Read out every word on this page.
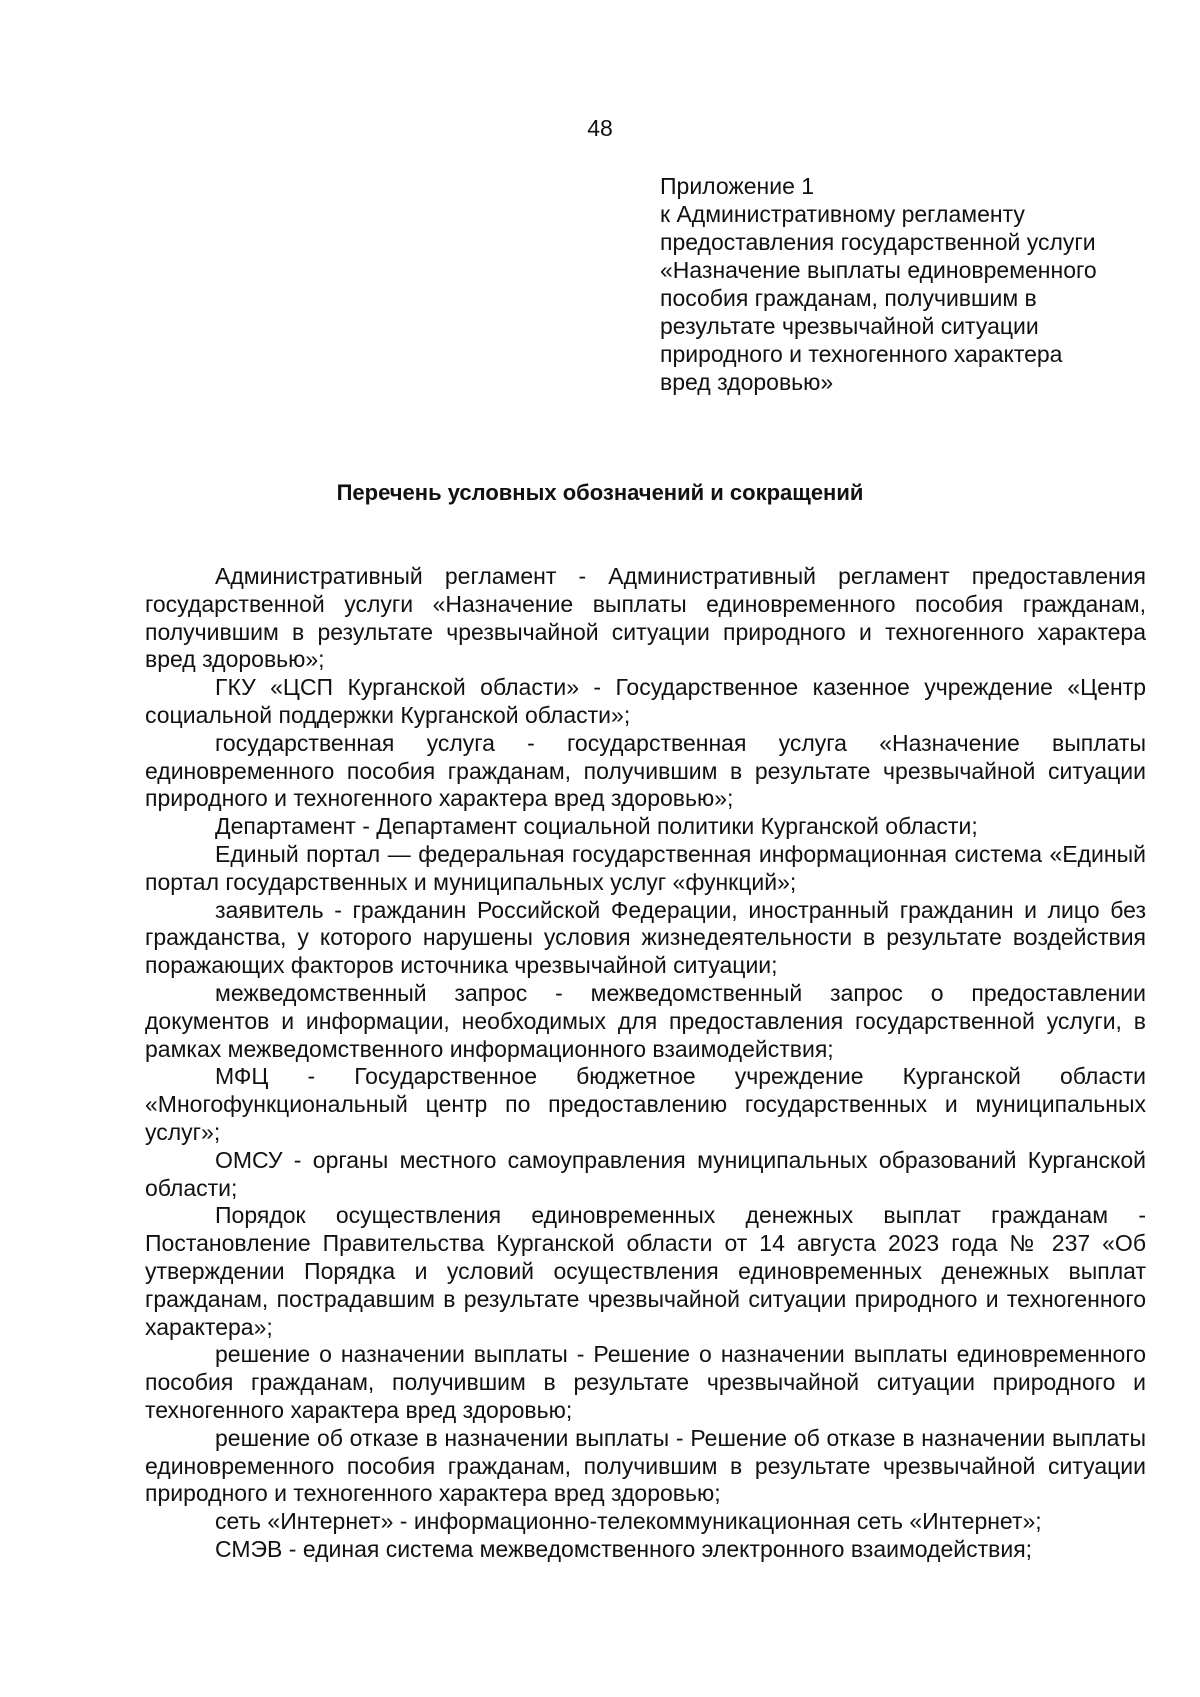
48
Приложение 1
к Административному регламенту
предоставления государственной услуги
«Назначение выплаты единовременного
пособия гражданам, получившим в
результате чрезвычайной ситуации
природного и техногенного характера
вред здоровью»
Перечень условных обозначений и сокращений

Административный регламент - Административный регламент предоставления государственной услуги «Назначение выплаты единовременного пособия гражданам, получившим в результате чрезвычайной ситуации природного и техногенного характера вред здоровью»;

ГКУ «ЦСП Курганской области» - Государственное казенное учреждение «Центр социальной поддержки Курганской области»;

государственная услуга - государственная услуга «Назначение выплаты единовременного пособия гражданам, получившим в результате чрезвычайной ситуации природного и техногенного характера вред здоровью»;

Департамент - Департамент социальной политики Курганской области;

Единый портал — федеральная государственная информационная система «Единый портал государственных и муниципальных услуг «функций»;

заявитель - гражданин Российской Федерации, иностранный гражданин и лицо без гражданства, у которого нарушены условия жизнедеятельности в результате воздействия поражающих факторов источника чрезвычайной ситуации;

межведомственный запрос - межведомственный запрос о предоставлении документов и информации, необходимых для предоставления государственной услуги, в рамках межведомственного информационного взаимодействия;

МФЦ - Государственное бюджетное учреждение Курганской области «Многофункциональный центр по предоставлению государственных и муниципальных услуг»;

ОМСУ - органы местного самоуправления муниципальных образований Курганской области;

Порядок осуществления единовременных денежных выплат гражданам - Постановление Правительства Курганской области от 14 августа 2023 года № 237 «Об утверждении Порядка и условий осуществления единовременных денежных выплат гражданам, пострадавшим в результате чрезвычайной ситуации природного и техногенного характера»;

решение о назначении выплаты - Решение о назначении выплаты единовременного пособия гражданам, получившим в результате чрезвычайной ситуации природного и техногенного характера вред здоровью;

решение об отказе в назначении выплаты - Решение об отказе в назначении выплаты единовременного пособия гражданам, получившим в результате чрезвычайной ситуации природного и техногенного характера вред здоровью;

сеть «Интернет» - информационно-телекоммуникационная сеть «Интернет»;

СМЭВ - единая система межведомственного электронного взаимодействия;
